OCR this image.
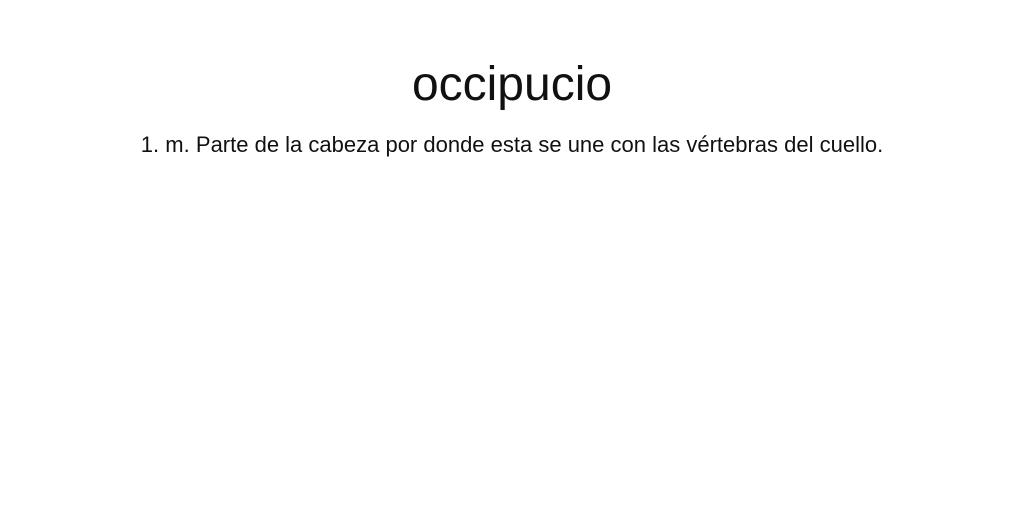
occipucio

1. m. Parte de la cabeza por donde esta se une con las vértebras del cuello.
